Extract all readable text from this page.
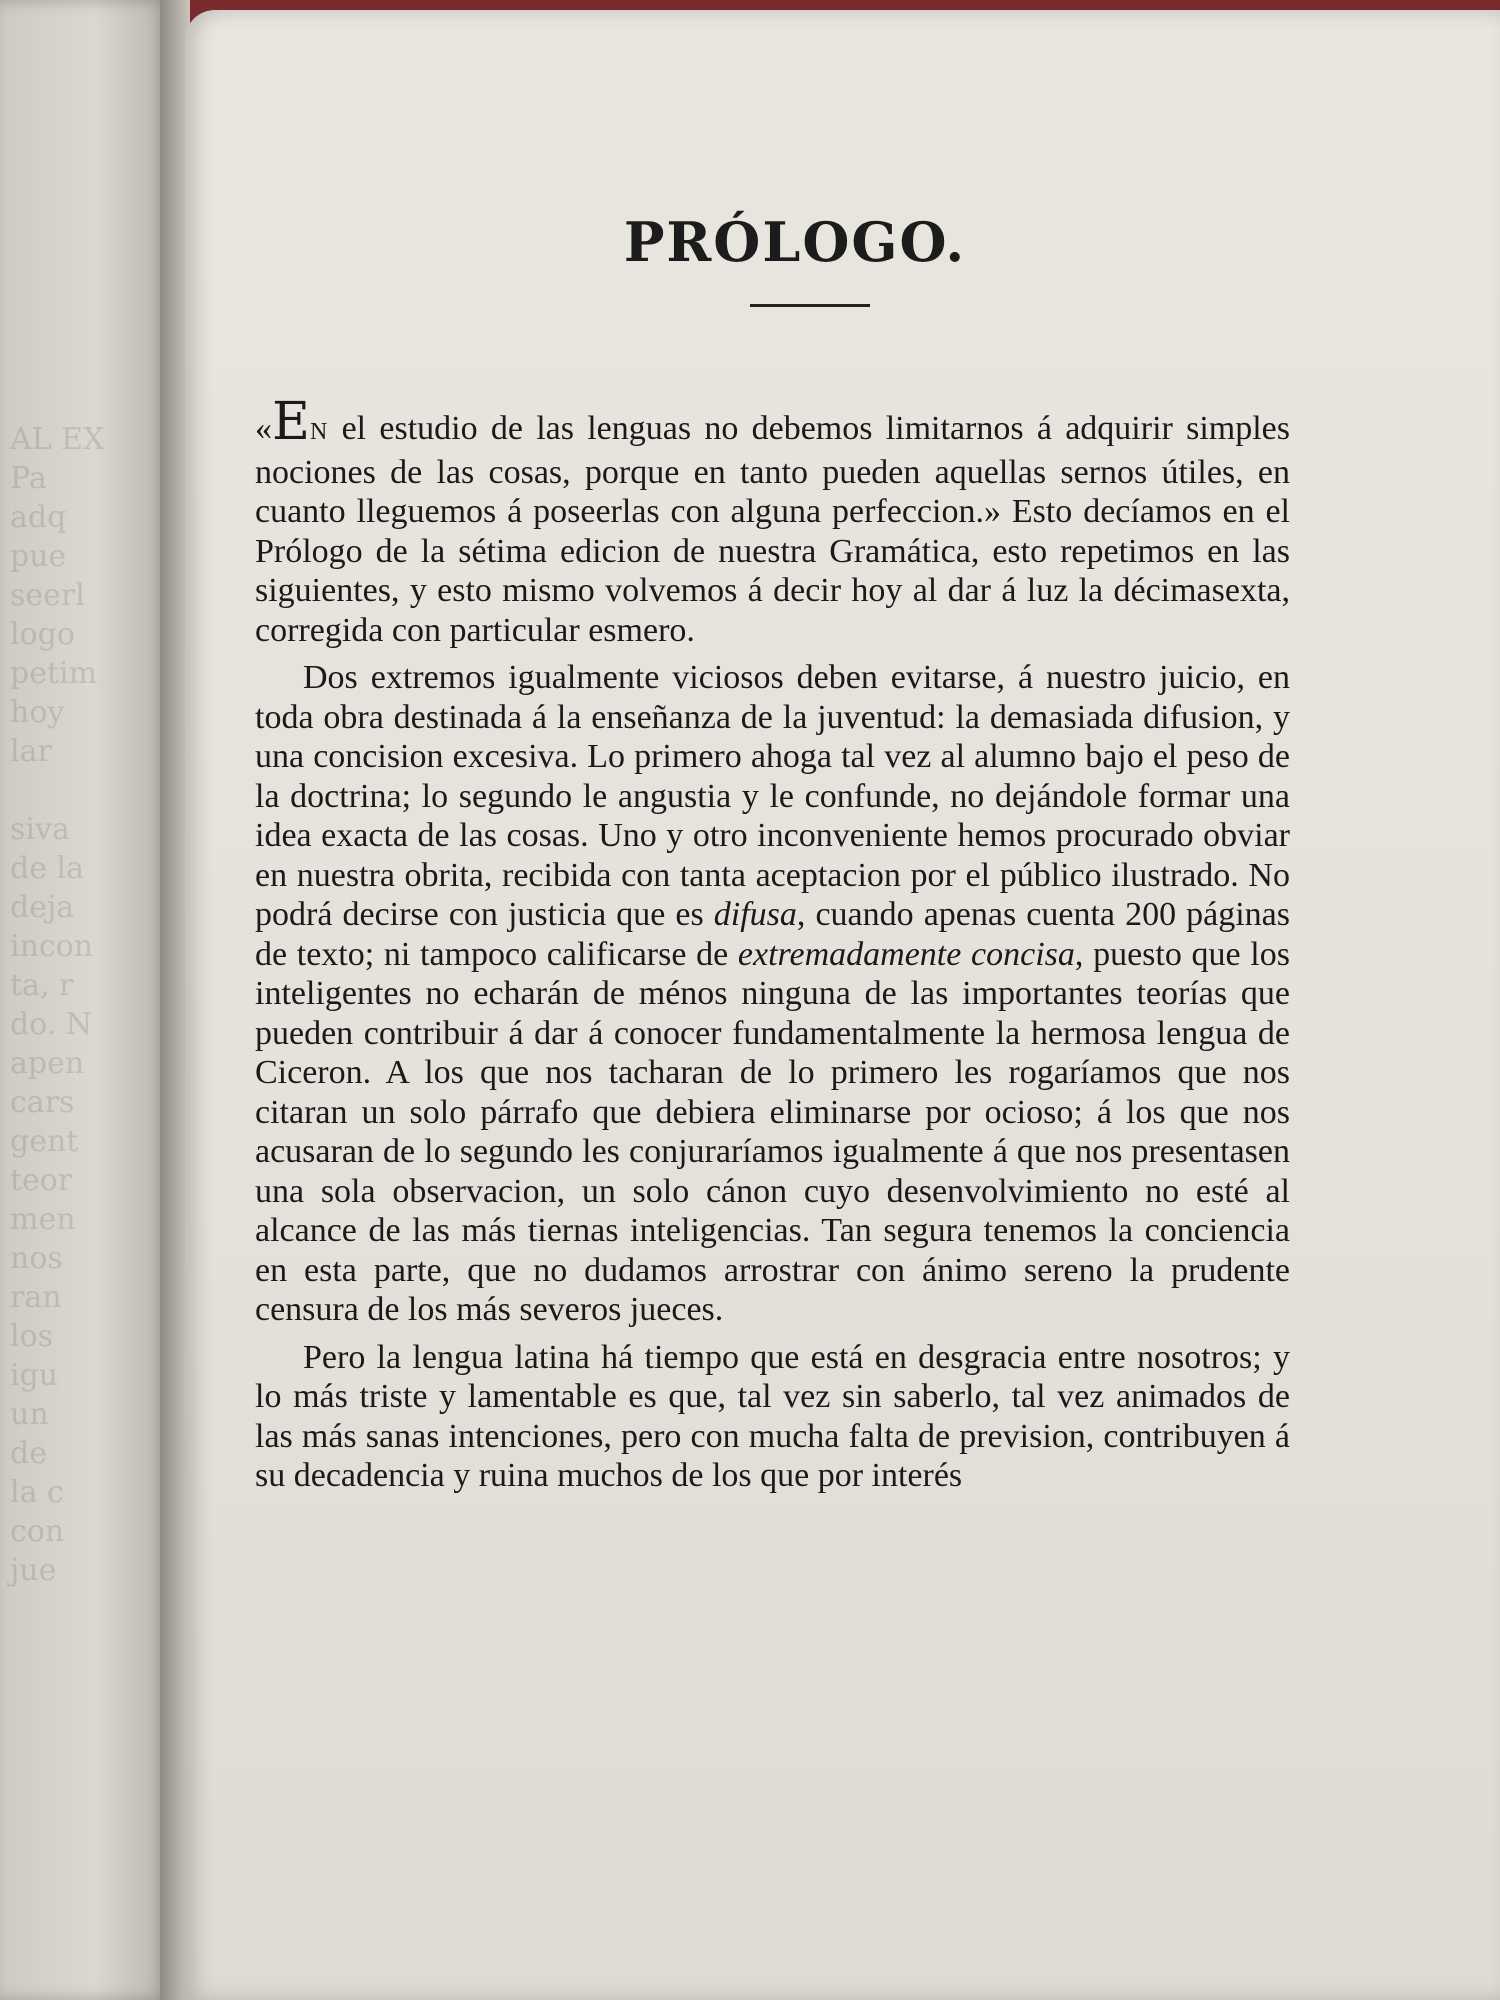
AL EX
Pa
adq
pue
seerl
logo
petim
hoy
lar

siva
de la
deja
incon
ta, r
do. N
apen
cars
gent
teor
men
nos
ran
los
igu
un
de
la c
con
jue
PRÓLOGO.

«EN el estudio de las lenguas no debemos limitarnos á adquirir simples nociones de las cosas, porque en tanto pueden aquellas sernos útiles, en cuanto lleguemos á poseerlas con alguna perfeccion.» Esto decíamos en el Prólogo de la sétima edicion de nuestra Gramática, esto repetimos en las siguientes, y esto mismo volvemos á decir hoy al dar á luz la décimasexta, corregida con particular esmero.

Dos extremos igualmente viciosos deben evitarse, á nuestro juicio, en toda obra destinada á la enseñanza de la juventud: la demasiada difusion, y una concision excesiva. Lo primero ahoga tal vez al alumno bajo el peso de la doctrina; lo segundo le angustia y le confunde, no dejándole formar una idea exacta de las cosas. Uno y otro inconveniente hemos procurado obviar en nuestra obrita, recibida con tanta aceptacion por el público ilustrado. No podrá decirse con justicia que es difusa, cuando apenas cuenta 200 páginas de texto; ni tampoco calificarse de extremadamente concisa, puesto que los inteligentes no echarán de ménos ninguna de las importantes teorías que pueden contribuir á dar á conocer fundamentalmente la hermosa lengua de Ciceron. A los que nos tacharan de lo primero les rogaríamos que nos citaran un solo párrafo que debiera eliminarse por ocioso; á los que nos acusaran de lo segundo les conjuraríamos igualmente á que nos presentasen una sola observacion, un solo cánon cuyo desenvolvimiento no esté al alcance de las más tiernas inteligencias. Tan segura tenemos la conciencia en esta parte, que no dudamos arrostrar con ánimo sereno la prudente censura de los más severos jueces.

Pero la lengua latina há tiempo que está en desgracia entre nosotros; y lo más triste y lamentable es que, tal vez sin saberlo, tal vez animados de las más sanas intenciones, pero con mucha falta de prevision, contribuyen á su decadencia y ruina muchos de los que por interés
